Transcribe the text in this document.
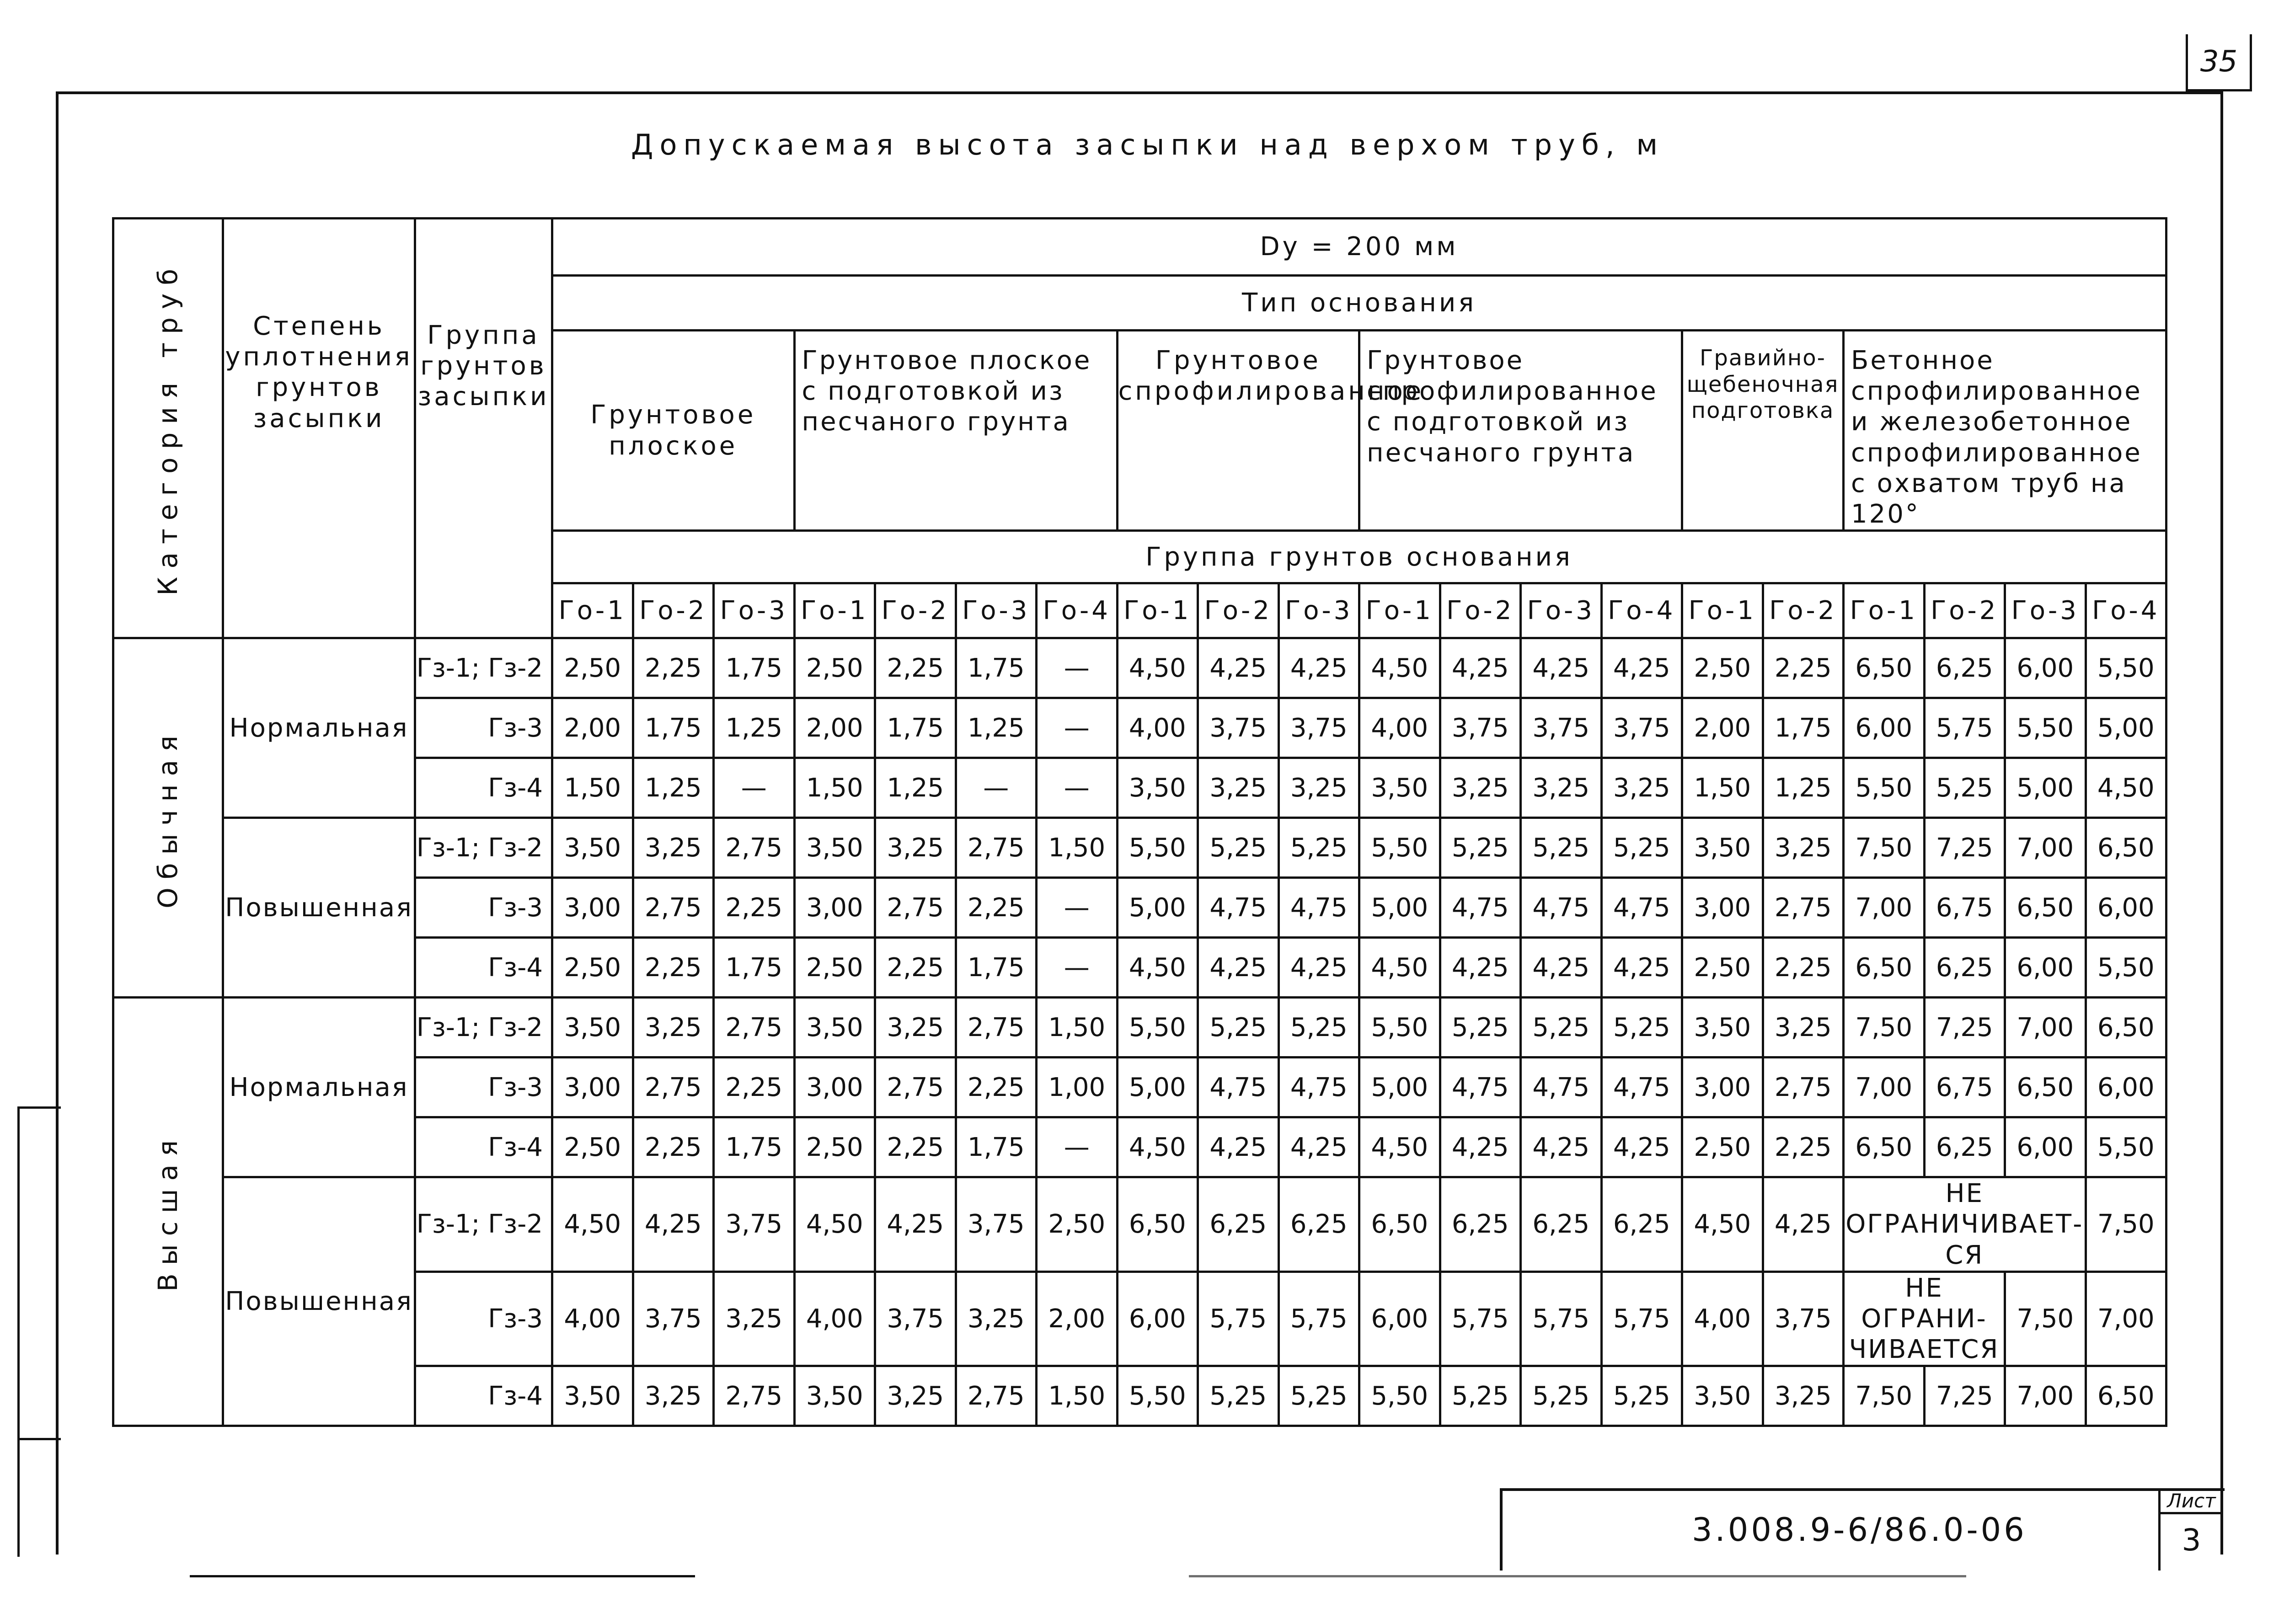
35
Допускаемая высота засыпки над верхом труб, м
Категория труб	Степень уплотнения грунтов засыпки	Группа грунтов засыпки	Dу = 200 мм																			
			Тип основания																			
			Грунтовое плоское			Грунтовое плоское с подготовкой из песчаного грунта				Грунтовое спрофилированное			Грунтовое спрофилированное с подготовкой из песчаного грунта				Гравийно-щебеночная подготовка		Бетонное спрофилированное и железобетонное спрофилированное с охватом труб на 120°			
			Группа грунтов основания																			
			Го-1	Го-2	Го-3	Го-1	Го-2	Го-3	Го-4	Го-1	Го-2	Го-3	Го-1	Го-2	Го-3	Го-4	Го-1	Го-2	Го-1	Го-2	Го-3	Го-4

Обычная	Нормальная	Гз-1; Гз-2	2,50	2,25	1,75	2,50	2,25	1,75	—	4,50	4,25	4,25	4,50	4,25	4,25	4,25	2,50	2,25	6,50	6,25	6,00	5,50
		Гз-3	2,00	1,75	1,25	2,00	1,75	1,25	—	4,00	3,75	3,75	4,00	3,75	3,75	3,75	2,00	1,75	6,00	5,75	5,50	5,00
		Гз-4	1,50	1,25	—	1,50	1,25	—	—	3,50	3,25	3,25	3,50	3,25	3,25	3,25	1,50	1,25	5,50	5,25	5,00	4,50
	Повышенная	Гз-1; Гз-2	3,50	3,25	2,75	3,50	3,25	2,75	1,50	5,50	5,25	5,25	5,50	5,25	5,25	5,25	3,50	3,25	7,50	7,25	7,00	6,50
		Гз-3	3,00	2,75	2,25	3,00	2,75	2,25	—	5,00	4,75	4,75	5,00	4,75	4,75	4,75	3,00	2,75	7,00	6,75	6,50	6,00
		Гз-4	2,50	2,25	1,75	2,50	2,25	1,75	—	4,50	4,25	4,25	4,50	4,25	4,25	4,25	2,50	2,25	6,50	6,25	6,00	5,50

Высшая	Нормальная	Гз-1; Гз-2	3,50	3,25	2,75	3,50	3,25	2,75	1,50	5,50	5,25	5,25	5,50	5,25	5,25	5,25	3,50	3,25	7,50	7,25	7,00	6,50
		Гз-3	3,00	2,75	2,25	3,00	2,75	2,25	1,00	5,00	4,75	4,75	5,00	4,75	4,75	4,75	3,00	2,75	7,00	6,75	6,50	6,00
		Гз-4	2,50	2,25	1,75	2,50	2,25	1,75	—	4,50	4,25	4,25	4,50	4,25	4,25	4,25	2,50	2,25	6,50	6,25	6,00	5,50
	Повышенная	Гз-1; Гз-2	4,50	4,25	3,75	4,50	4,25	3,75	2,50	6,50	6,25	6,25	6,50	6,25	6,25	6,25	4,50	4,25	НЕ ОГРАНИЧИВАЕТ-СЯ			7,50
		Гз-3	4,00	3,75	3,25	4,00	3,75	3,25	2,00	6,00	5,75	5,75	6,00	5,75	5,75	5,75	4,00	3,75	НЕ ОГРАНИ-ЧИВАЕТСЯ		7,50	7,00
		Гз-4	3,50	3,25	2,75	3,50	3,25	2,75	1,50	5,50	5,25	5,25	5,50	5,25	5,25	5,25	3,50	3,25	7,50	7,25	7,00	6,50
3.008.9-6/86.0-06
Лист
3
